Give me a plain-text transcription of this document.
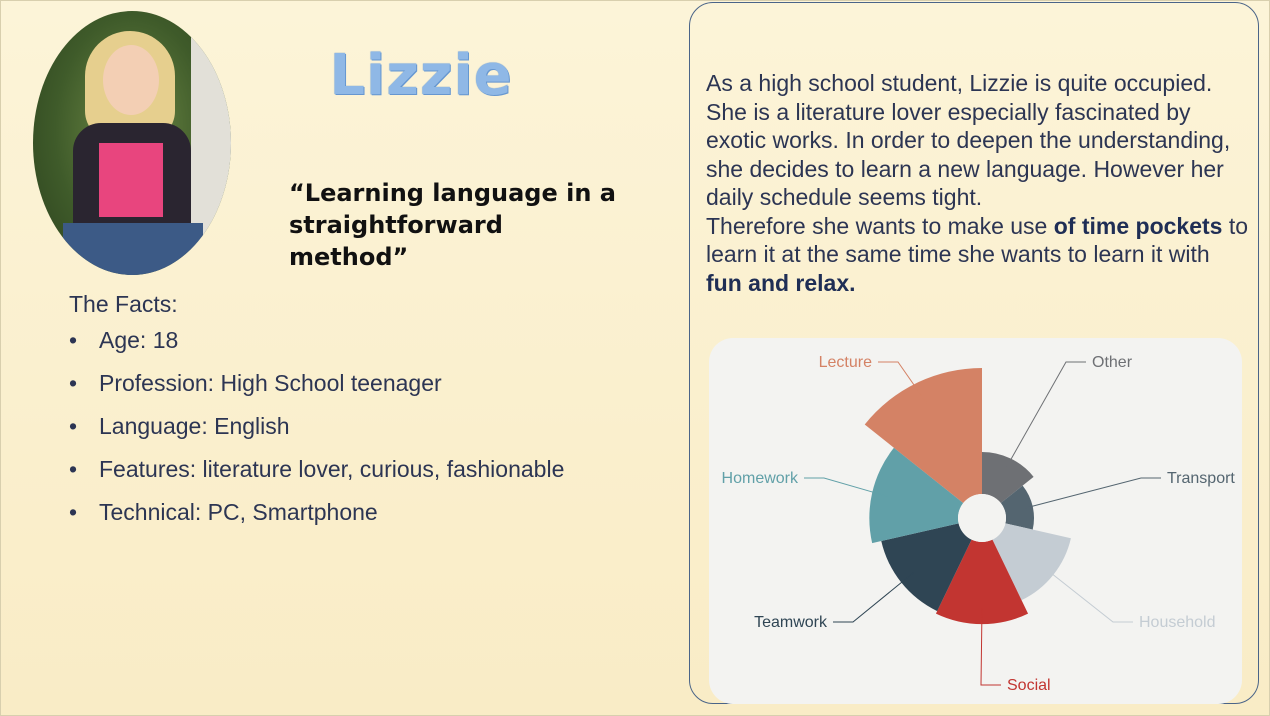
Lizzie
“Learning language in a straightforward method”
The Facts:
• Age: 18
• Profession: High School teenager
• Language: English
• Features: literature lover, curious, fashionable
• Technical: PC, Smartphone
As a high school student, Lizzie is quite occupied. She is a literature lover especially fascinated by exotic works. In order to deepen the understanding, she decides to learn a new language. However her daily schedule seems tight.
Therefore she wants to make use of time pockets to learn it at the same time she wants to learn it with fun and relax.
Other
Transport
Household
Social
Teamwork
Homework
Lecture
